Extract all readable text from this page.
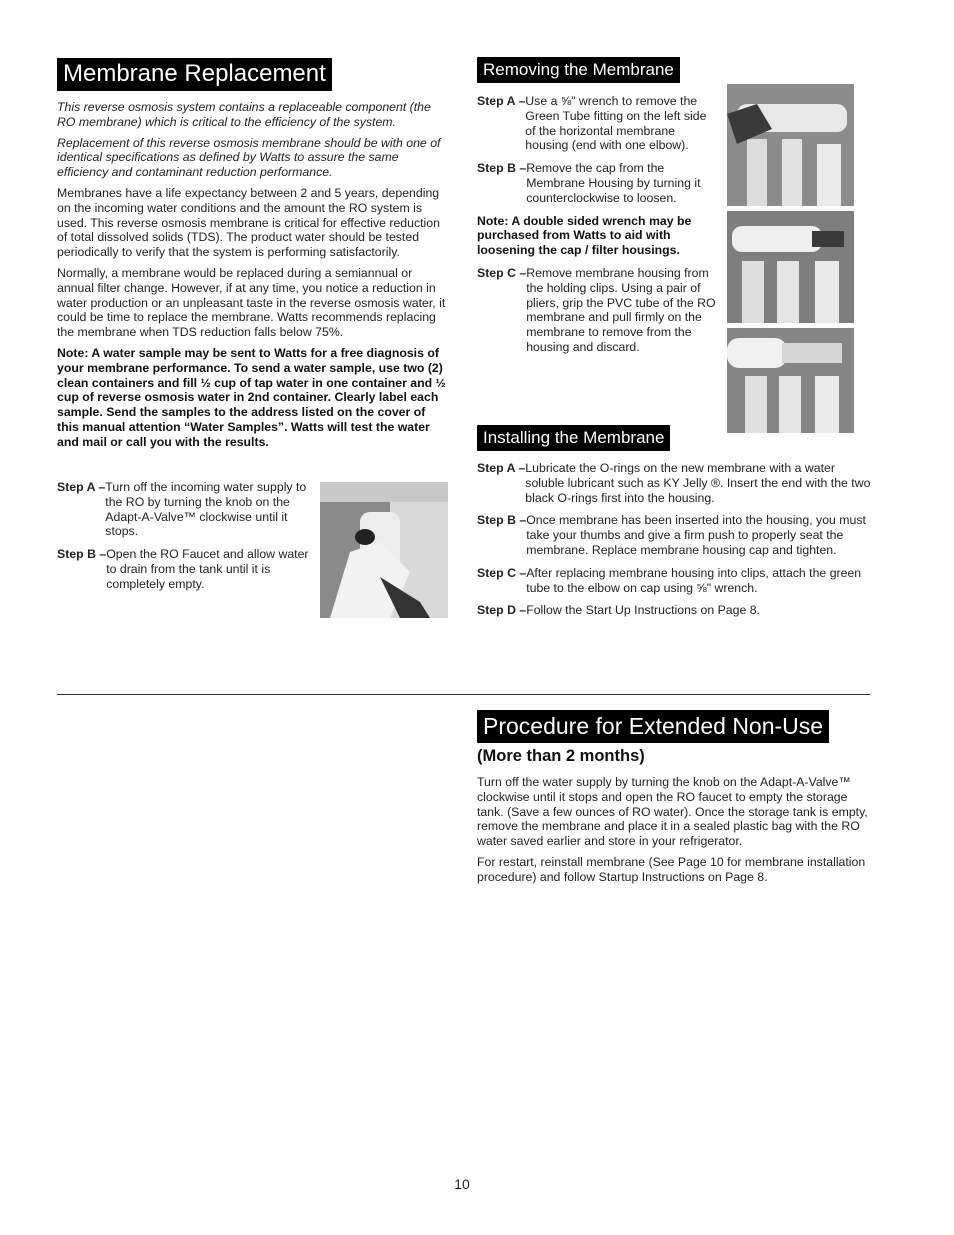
Membrane Replacement

This reverse osmosis system contains a replaceable component (the RO membrane) which is critical to the efficiency of the system.

Replacement of this reverse osmosis membrane should be with one of identical specifications as defined by Watts to assure the same efficiency and contaminant reduction performance.

Membranes have a life expectancy between 2 and 5 years, depending on the incoming water conditions and the amount the RO system is used. This reverse osmosis membrane is critical for effective reduction of total dissolved solids (TDS). The product water should be tested periodically to verify that the system is performing satisfactorily.

Normally, a membrane would be replaced during a semiannual or annual filter change. However, if at any time, you notice a reduction in water production or an unpleasant taste in the reverse osmosis water, it could be time to replace the membrane. Watts recommends replacing the membrane when TDS reduction falls below 75%.

Note: A water sample may be sent to Watts for a free diagnosis of your membrane performance. To send a water sample, use two (2) clean containers and fill ½ cup of tap water in one container and ½ cup of reverse osmosis water in 2nd container. Clearly label each sample. Send the samples to the address listed on the cover of this manual attention “Water Samples”. Watts will test the water and mail or call you with the results.

Step A – Turn off the incoming water supply to the RO by turning the knob on the Adapt-A-Valve™ clockwise until it stops.
Step B – Open the RO Faucet and allow water to drain from the tank until it is completely empty.
Removing the Membrane
Step A – Use a ⅝" wrench to remove the Green Tube fitting on the left side of the horizontal membrane housing (end with one elbow).
Step B – Remove the cap from the Membrane Housing by turning it counterclockwise to loosen.

Note: A double sided wrench may be purchased from Watts to aid with loosening the cap / filter housings.

Step C – Remove membrane housing from the holding clips. Using a pair of pliers, grip the PVC tube of the RO membrane and pull firmly on the membrane to remove from the housing and discard.
Installing the Membrane
Step A – Lubricate the O-rings on the new membrane with a water soluble lubricant such as KY Jelly ®. Insert the end with the two black O-rings first into the housing.
Step B – Once membrane has been inserted into the housing, you must take your thumbs and give a firm push to properly seat the membrane. Replace membrane housing cap and tighten.
Step C – After replacing membrane housing into clips, attach the green tube to the elbow on cap using ⅝" wrench.
Step D – Follow the Start Up Instructions on Page 8.
Procedure for Extended Non-Use
(More than 2 months)

Turn off the water supply by turning the knob on the Adapt-A-Valve™ clockwise until it stops and open the RO faucet to empty the storage tank. (Save a few ounces of RO water). Once the storage tank is empty, remove the membrane and place it in a sealed plastic bag with the RO water saved earlier and store in your refrigerator.

For restart, reinstall membrane (See Page 10 for membrane installation procedure) and follow Startup Instructions on Page 8.

10
